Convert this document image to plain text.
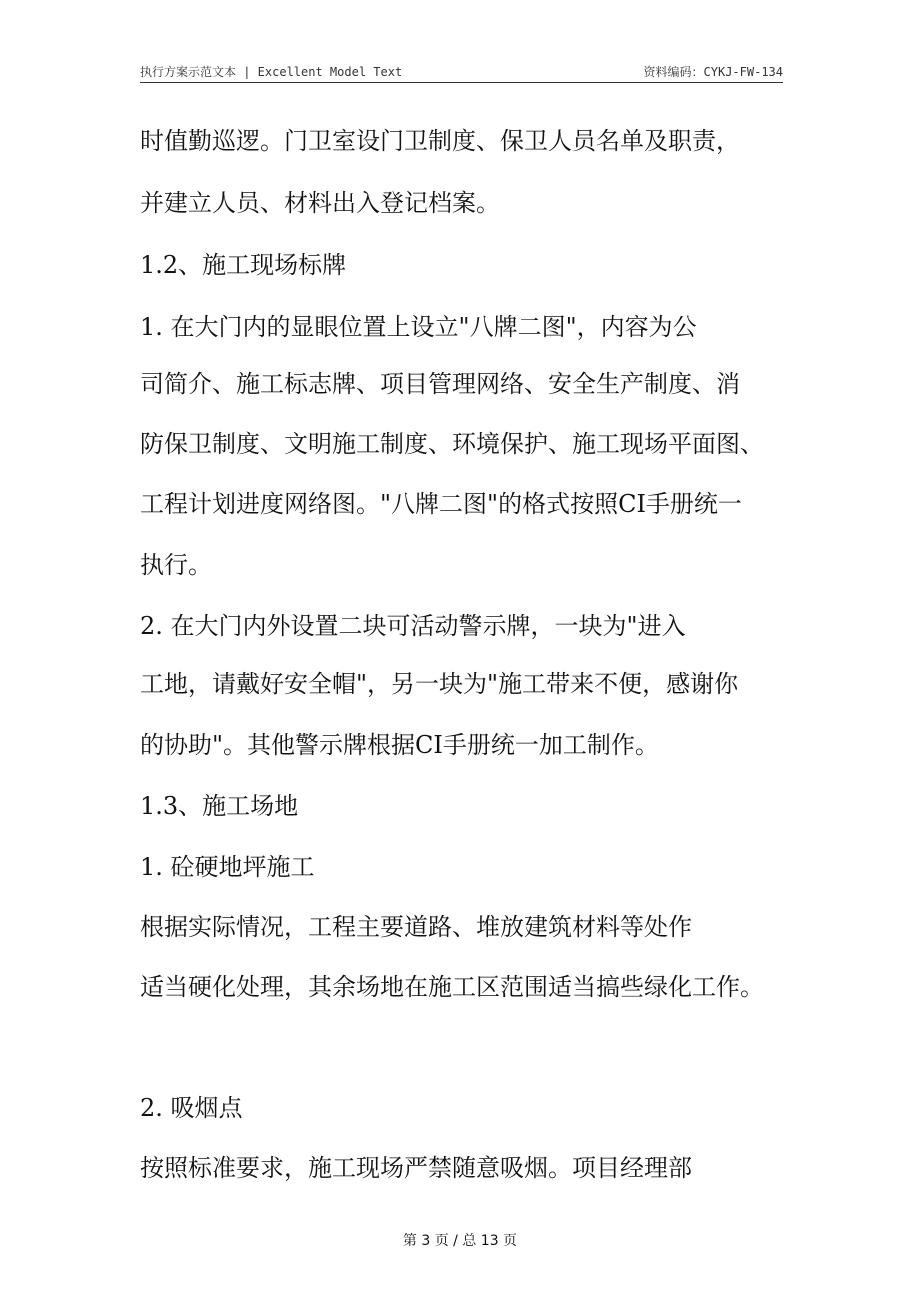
执行方案示范文本 | Excellent Model Text	资料编码：CYKJ-FW-134
时值勤巡逻。门卫室设门卫制度、保卫人员名单及职责，
并建立人员、材料出入登记档案。
1.2、施工现场标牌
1. 在大门内的显眼位置上设立"八牌二图"，内容为公
司简介、施工标志牌、项目管理网络、安全生产制度、消
防保卫制度、文明施工制度、环境保护、施工现场平面图、
工程计划进度网络图。"八牌二图"的格式按照CI手册统一
执行。
2. 在大门内外设置二块可活动警示牌，一块为"进入
工地，请戴好安全帽"，另一块为"施工带来不便，感谢你
的协助"。其他警示牌根据CI手册统一加工制作。
1.3、施工场地
1. 砼硬地坪施工
根据实际情况，工程主要道路、堆放建筑材料等处作
适当硬化处理，其余场地在施工区范围适当搞些绿化工作。
2. 吸烟点
按照标准要求，施工现场严禁随意吸烟。项目经理部
第 3 页 / 总 13 页
